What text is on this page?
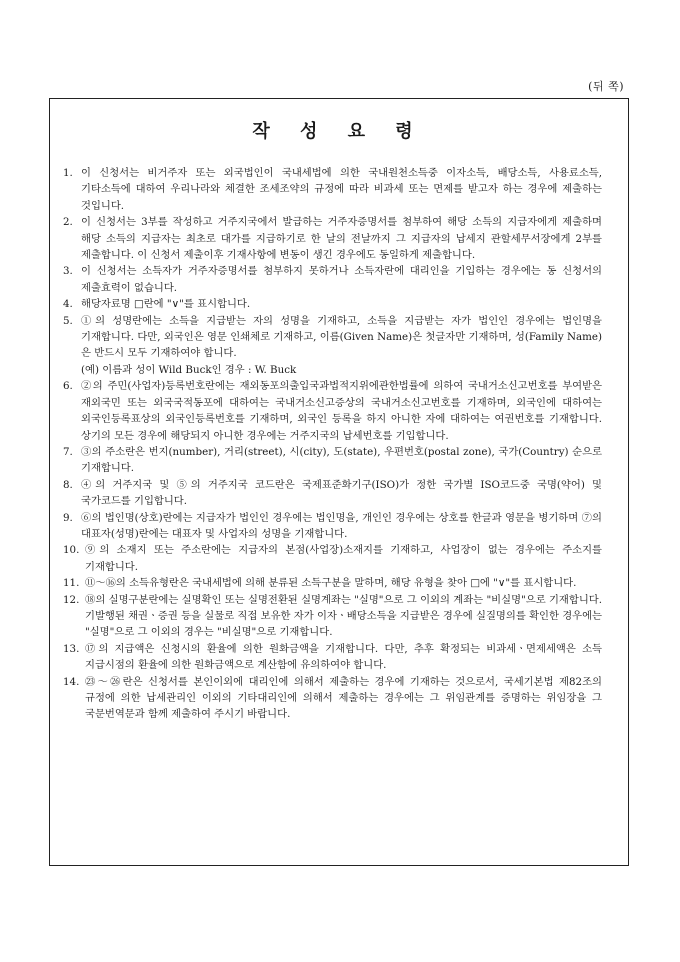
(뒤 쪽)
작 성 요 령
1. 이 신청서는 비거주자 또는 외국법인이 국내세법에 의한 국내원천소득중 이자소득, 배당소득, 사용료소득, 기타소득에 대하여 우리나라와 체결한 조세조약의 규정에 따라 비과세 또는 면제를 받고자 하는 경우에 제출하는 것입니다.
2. 이 신청서는 3부를 작성하고 거주지국에서 발급하는 거주자증명서를 첨부하여 해당 소득의 지급자에게 제출하며 해당 소득의 지급자는 최초로 대가를 지급하기로 한 날의 전날까지 그 지급자의 납세지 관할세무서장에게 2부를 제출합니다. 이 신청서 제출이후 기재사항에 변동이 생긴 경우에도 동일하게 제출합니다.
3. 이 신청서는 소득자가 거주자증명서를 첨부하지 못하거나 소득자란에 대리인을 기입하는 경우에는 동 신청서의 제출효력이 없습니다.
4. 해당자료명 □란에 "∨"를 표시합니다.
5. ①의 성명란에는 소득을 지급받는 자의 성명을 기재하고, 소득을 지급받는 자가 법인인 경우에는 법인명을 기재합니다. 다만, 외국인은 영문 인쇄체로 기재하고, 이름(Given Name)은 첫글자만 기재하며, 성(Family Name)은 반드시 모두 기재하여야 합니다.
(예) 이름과 성이 Wild Buck인 경우 : W. Buck
6. ②의 주민(사업자)등록번호란에는 재외동포의출입국과법적지위에관한법률에 의하여 국내거소신고번호를 부여받은 재외국민 또는 외국국적동포에 대하여는 국내거소신고증상의 국내거소신고번호를 기재하며, 외국인에 대하여는 외국인등록표상의 외국인등록번호를 기재하며, 외국인 등록을 하지 아니한 자에 대하여는 여권번호를 기재합니다. 상기의 모든 경우에 해당되지 아니한 경우에는 거주지국의 납세번호를 기입합니다.
7. ③의 주소란은 번지(number), 거리(street), 시(city), 도(state), 우편번호(postal zone), 국가(Country) 순으로 기재합니다.
8. ④의 거주지국 및 ⑤의 거주지국 코드란은 국제표준화기구(ISO)가 정한 국가별 ISO코드중 국명(약어) 및 국가코드를 기입합니다.
9. ⑥의 법인명(상호)란에는 지급자가 법인인 경우에는 법인명을, 개인인 경우에는 상호를 한글과 영문을 병기하며 ⑦의 대표자(성명)란에는 대표자 및 사업자의 성명을 기재합니다.
10. ⑨의 소재지 또는 주소란에는 지급자의 본점(사업장)소재지를 기재하고, 사업장이 없는 경우에는 주소지를 기재합니다.
11. ⑪～⑯의 소득유형란은 국내세법에 의해 분류된 소득구분을 말하며, 해당 유형을 찾아 □에 "∨"를 표시합니다.
12. ⑱의 실명구분란에는 실명확인 또는 실명전환된 실명계좌는 "실명"으로 그 이외의 계좌는 "비실명"으로 기재합니다. 기발행된 채권ㆍ증권 등을 실물로 직접 보유한 자가 이자ㆍ배당소득을 지급받은 경우에 실질명의를 확인한 경우에는 "실명"으로 그 이외의 경우는 "비실명"으로 기재합니다.
13. ⑰의 지급액은 신청시의 환율에 의한 원화금액을 기재합니다. 다만, 추후 확정되는 비과세ㆍ면제세액은 소득 지급시점의 환율에 의한 원화금액으로 계산함에 유의하여야 합니다.
14. ㉓～㉖란은 신청서를 본인이외에 대리인에 의해서 제출하는 경우에 기재하는 것으로서, 국세기본법 제82조의 규정에 의한 납세관리인 이외의 기타대리인에 의해서 제출하는 경우에는 그 위임관계를 증명하는 위임장을 그 국문번역문과 함께 제출하여 주시기 바랍니다.
